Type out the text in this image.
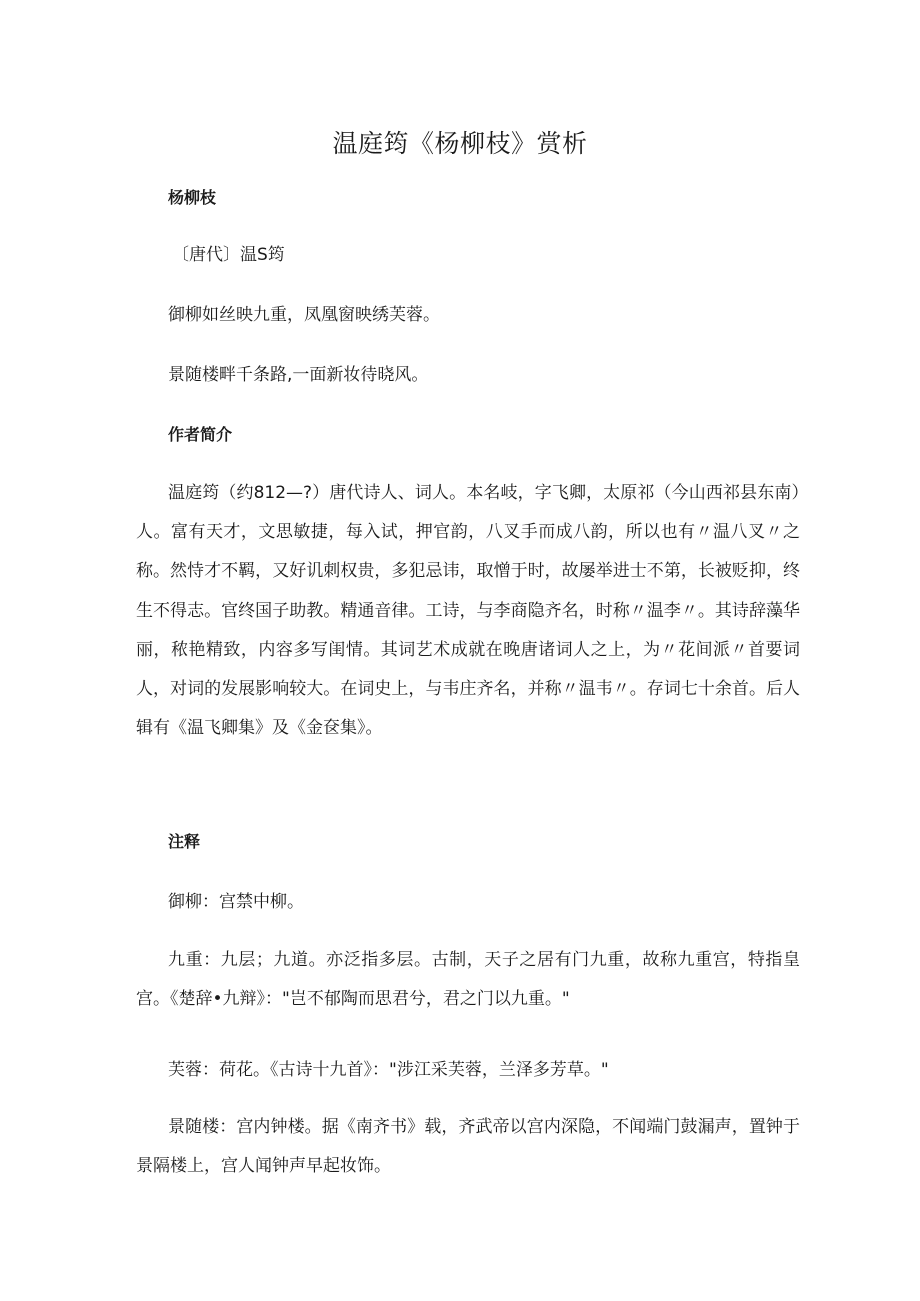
温庭筠《杨柳枝》赏析
杨柳枝

〔唐代〕温S筠

御柳如丝映九重，凤凰窗映绣芙蓉。

景随楼畔千条路,一面新妆待晓风。

作者简介

温庭筠（约812—?）唐代诗人、词人。本名岐，字飞卿，太原祁（今山西祁县东南）人。富有天才，文思敏捷，每入试，押官韵，八叉手而成八韵，所以也有〃温八叉〃之称。然恃才不羁，又好讥刺权贵，多犯忌讳，取憎于时，故屡举进士不第，长被贬抑，终生不得志。官终国子助教。精通音律。工诗，与李商隐齐名，时称〃温李〃。其诗辞藻华丽，秾艳精致，内容多写闺情。其词艺术成就在晚唐诸词人之上，为〃花间派〃首要词人，对词的发展影响较大。在词史上，与韦庄齐名，并称〃温韦〃。存词七十余首。后人辑有《温飞卿集》及《金奁集》。

注释

御柳：宫禁中柳。

九重：九层；九道。亦泛指多层。古制，天子之居有门九重，故称九重宫，特指皇宫。《楚辞•九辩》："岂不郁陶而思君兮，君之门以九重。"

芙蓉：荷花。《古诗十九首》："涉江采芙蓉，兰泽多芳草。"

景随楼：宫内钟楼。据《南齐书》载，齐武帝以宫内深隐，不闻端门鼓漏声，置钟于景隔楼上，宫人闻钟声早起妆饰。
